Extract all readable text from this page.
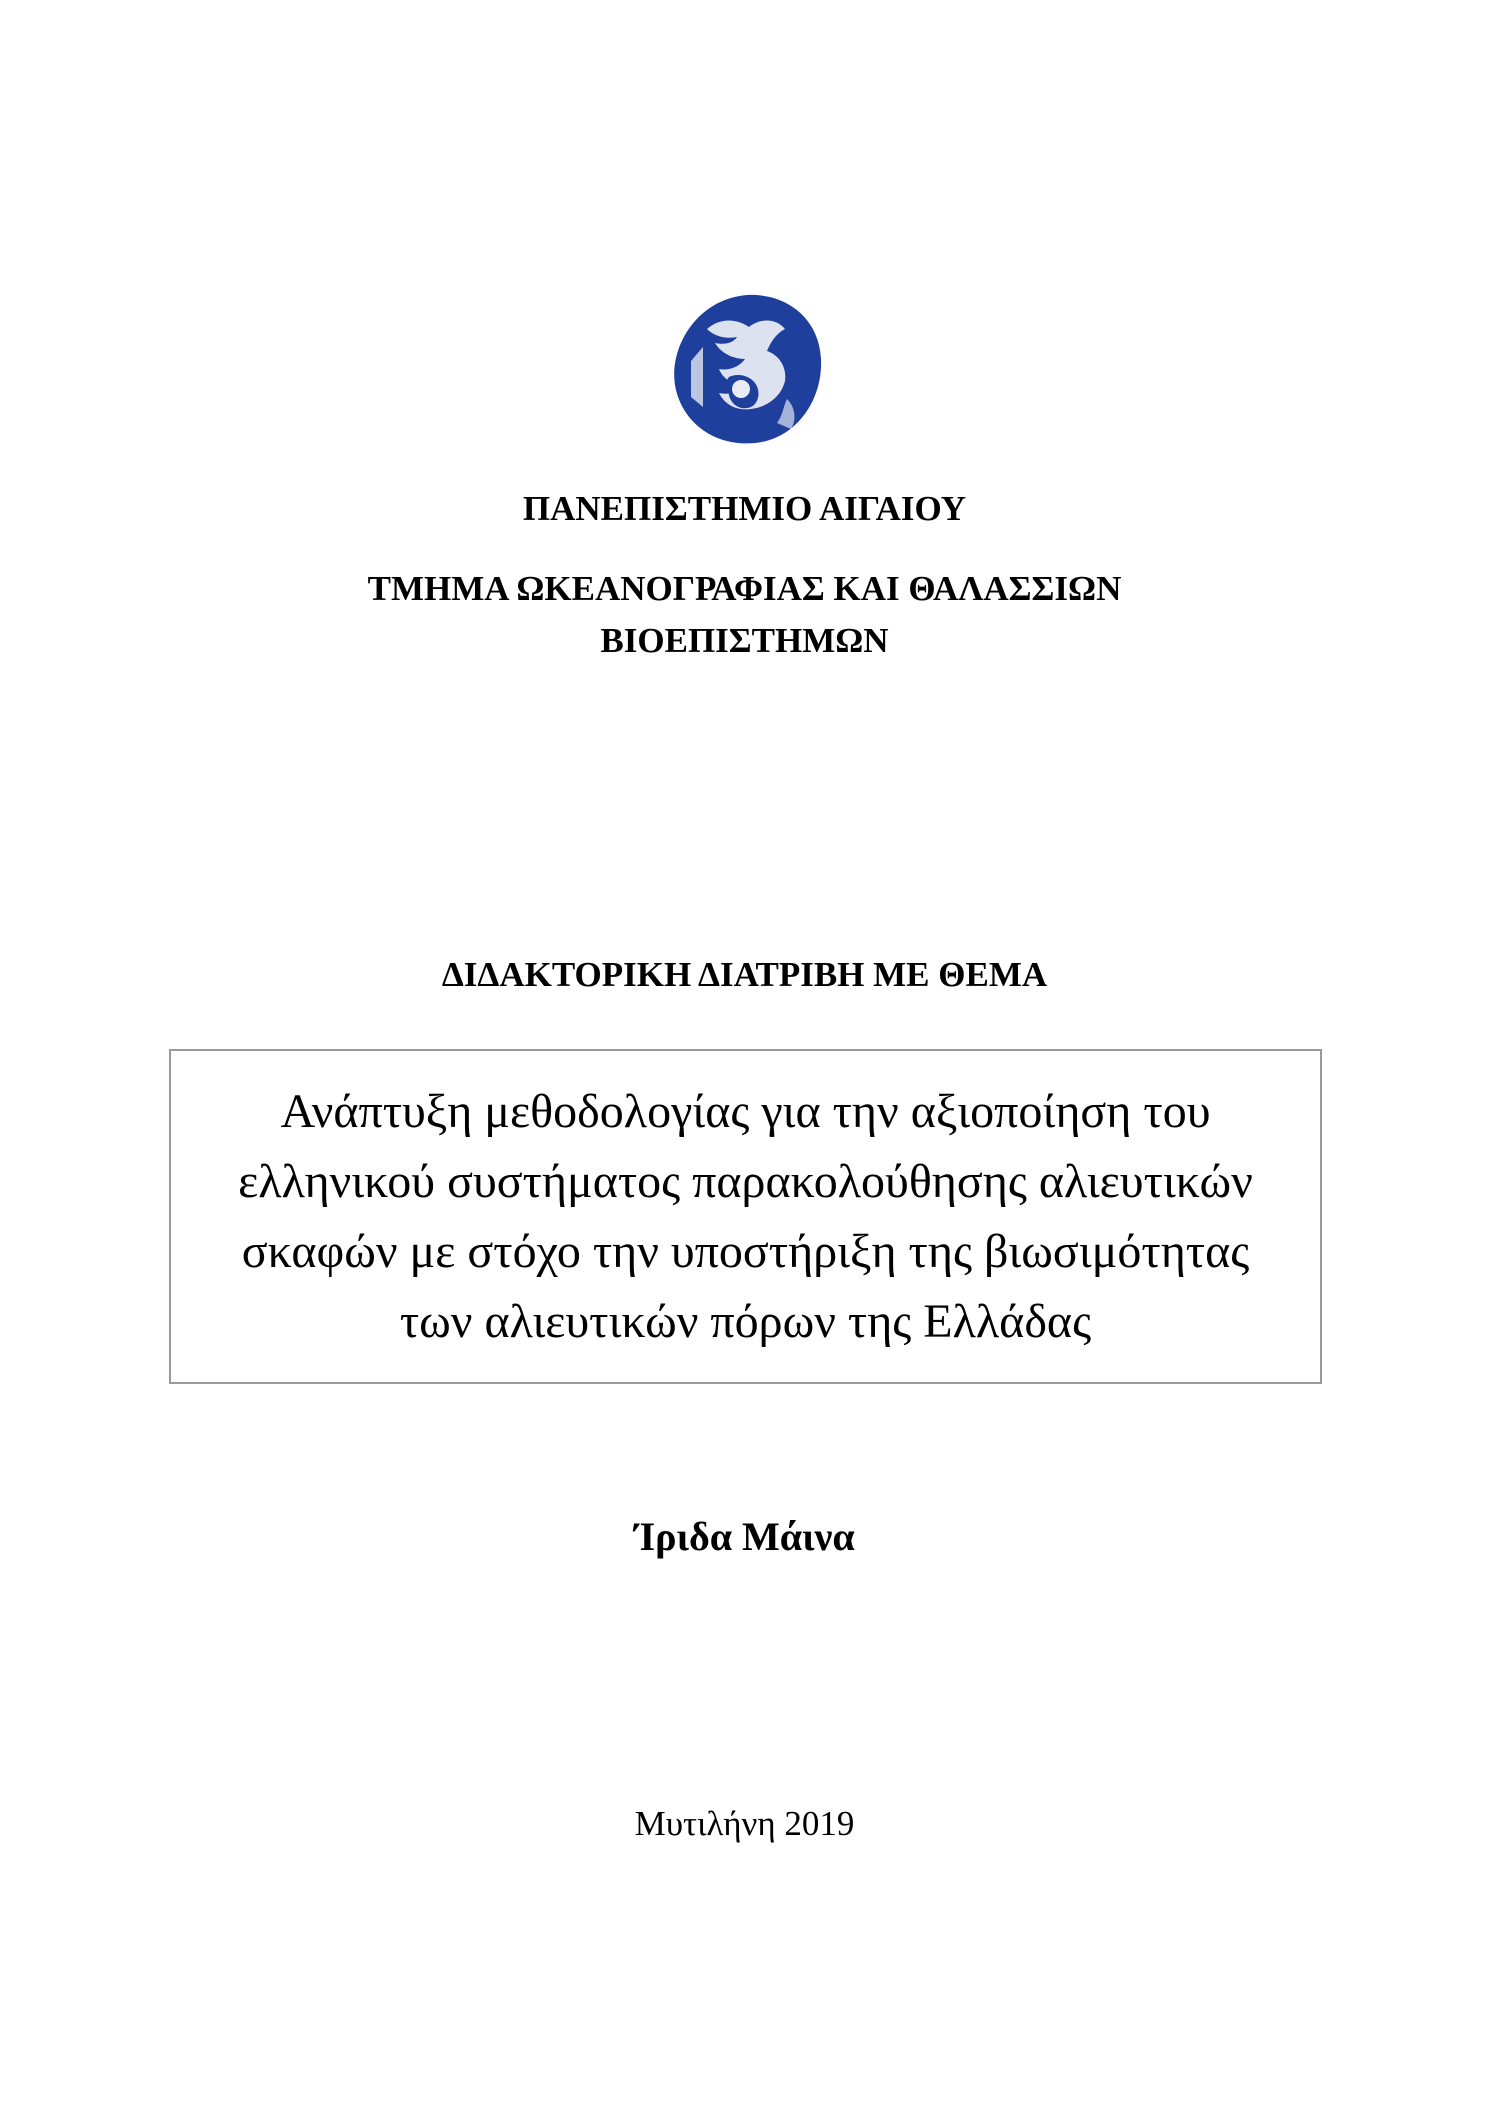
ΠΑΝΕΠΙΣΤΗΜΙΟ ΑΙΓΑΙΟΥ
ΤΜΗΜΑ ΩΚΕΑΝΟΓΡΑΦΙΑΣ ΚΑΙ ΘΑΛΑΣΣΙΩΝ
ΒΙΟΕΠΙΣΤΗΜΩΝ
ΔΙΔΑΚΤΟΡΙΚΗ ΔΙΑΤΡΙΒΗ ΜΕ ΘΕΜΑ
Ανάπτυξη μεθοδολογίας για την αξιοποίηση του
ελληνικού συστήματος παρακολούθησης αλιευτικών
σκαφών με στόχο την υποστήριξη της βιωσιμότητας
των αλιευτικών πόρων της Ελλάδας
Ίριδα Μάινα
Μυτιλήνη 2019
